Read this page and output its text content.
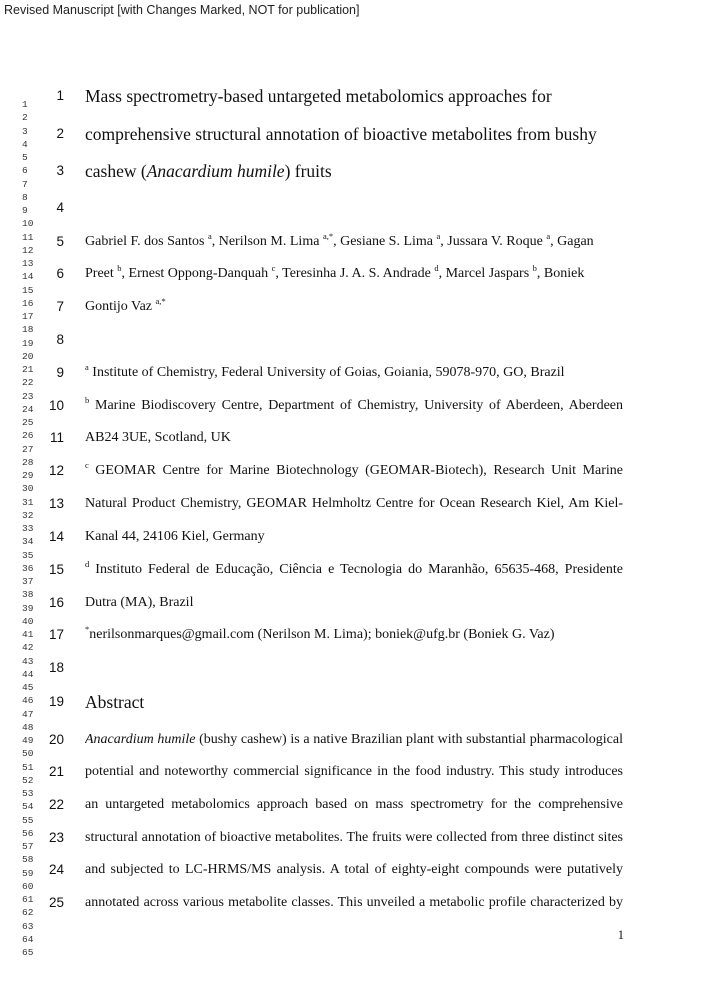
Revised Manuscript [with Changes Marked, NOT for publication]
1
2
3
4
5
6
7
8
9
10
11
12
13
14
15
16
17
18
19
20
21
22
23
24
25
26
27
28
29
30
31
32
33
34
35
36
37
38
39
40
41
42
43
44
45
46
47
48
49
50
51
52
53
54
55
56
57
58
59
60
61
62
63
64
65
1 Mass spectrometry-based untargeted metabolomics approaches for
2 comprehensive structural annotation of bioactive metabolites from bushy
3 cashew (Anacardium humile) fruits
4
5 Gabriel F. dos Santos $^a$, Nerilson M. Lima $^{a,*}$, Gesiane S. Lima $^a$, Jussara V. Roque $^a$, Gagan
6 Preet $^b$, Ernest Oppong-Danquah $^c$, Teresinha J. A. S. Andrade $^d$, Marcel Jaspars $^b$, Boniek
7 Gontijo Vaz $^{a,*}$
8
9 $^a$ Institute of Chemistry, Federal University of Goias, Goiania, 59078-970, GO, Brazil
10 $^b$ Marine Biodiscovery Centre, Department of Chemistry, University of Aberdeen, Aberdeen
11 AB24 3UE, Scotland, UK
12 $^c$ GEOMAR Centre for Marine Biotechnology (GEOMAR-Biotech), Research Unit Marine
13 Natural Product Chemistry, GEOMAR Helmholtz Centre for Ocean Research Kiel, Am Kiel-
14 Kanal 44, 24106 Kiel, Germany
15 $^d$ Instituto Federal de Educação, Ciência e Tecnologia do Maranhão, 65635-468, Presidente
16 Dutra (MA), Brazil
17 *nerilsonmarques@gmail.com (Nerilson M. Lima); boniek@ufg.br (Boniek G. Vaz)
18
19 Abstract
20 Anacardium humile (bushy cashew) is a native Brazilian plant with substantial pharmacological
21 potential and noteworthy commercial significance in the food industry. This study introduces
22 an untargeted metabolomics approach based on mass spectrometry for the comprehensive
23 structural annotation of bioactive metabolites. The fruits were collected from three distinct sites
24 and subjected to LC-HRMS/MS analysis. A total of eighty-eight compounds were putatively
25 annotated across various metabolite classes. This unveiled a metabolic profile characterized by
1
